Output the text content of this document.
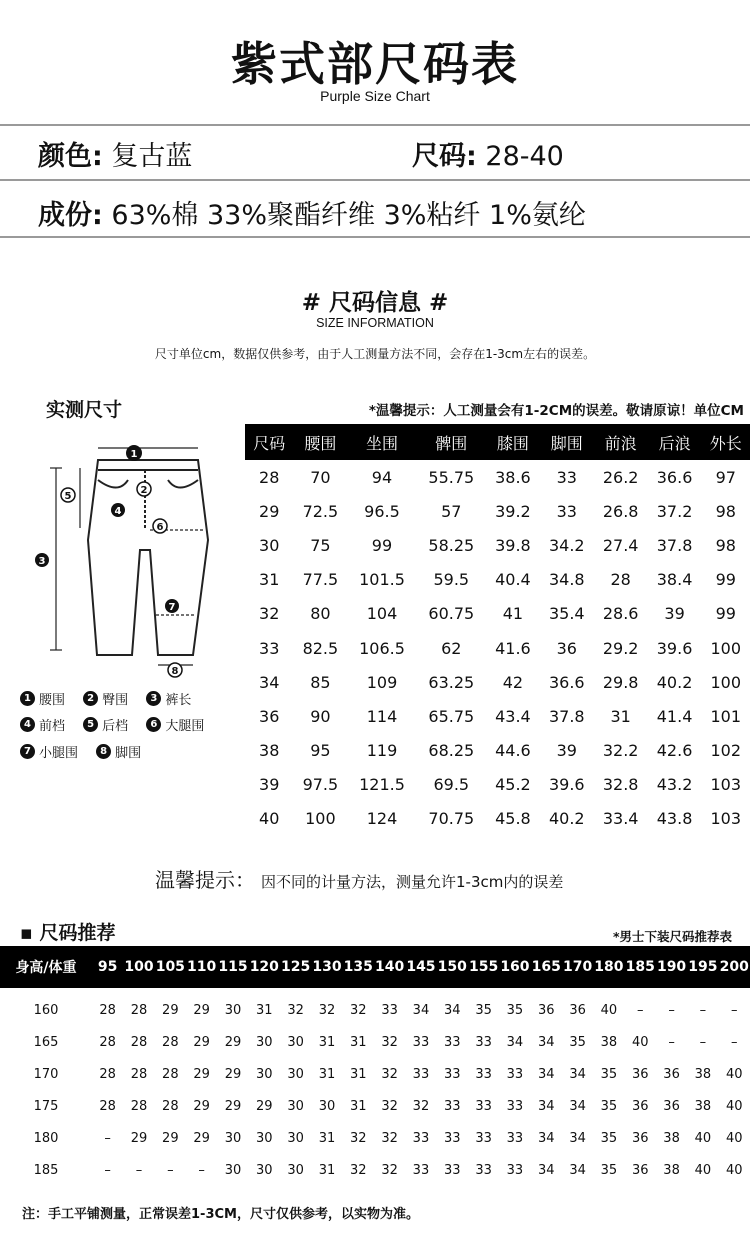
紫式部尺码表
Purple Size Chart
颜色: 复古蓝	尺码: 28-40
成份: 63%棉 33%聚酯纤维 3%粘纤 1%氨纶
# 尺码信息 #
SIZE INFORMATION
尺寸单位cm，数据仅供参考，由于人工测量方法不同，会存在1-3cm左右的误差。
实测尺寸	*温馨提示：人工测量会有1-2CM的误差。敬请原谅！单位CM
1
2
3
4
5
6
7
8
1 腰围 2 臀围 3 裤长
4 前档 5 后档 6 大腿围
7 小腿围 8 脚围
尺码	腰围	坐围	髀围	膝围	脚围	前浪	后浪	外长
28	70	94	55.75	38.6	33	26.2	36.6	97
29	72.5	96.5	57	39.2	33	26.8	37.2	98
30	75	99	58.25	39.8	34.2	27.4	37.8	98
31	77.5	101.5	59.5	40.4	34.8	28	38.4	99
32	80	104	60.75	41	35.4	28.6	39	99
33	82.5	106.5	62	41.6	36	29.2	39.6	100
34	85	109	63.25	42	36.6	29.8	40.2	100
36	90	114	65.75	43.4	37.8	31	41.4	101
38	95	119	68.25	44.6	39	32.2	42.6	102
39	97.5	121.5	69.5	45.2	39.6	32.8	43.2	103
40	100	124	70.75	45.8	40.2	33.4	43.8	103
温馨提示： 因不同的计量方法，测量允许1-3cm内的误差
▪ 尺码推荐	*男士下装尺码推荐表
身高/体重	95	100	105	110	115	120	125	130	135	140	145	150	155	160	165	170	180	185	190	195	200

160	28	28	29	29	30	31	32	32	32	33	34	34	35	35	36	36	40	–	–	–	–
165	28	28	28	29	29	30	30	31	31	32	33	33	33	34	34	35	38	40	–	–	–
170	28	28	28	29	29	30	30	31	31	32	33	33	33	33	34	34	35	36	36	38	40
175	28	28	28	29	29	29	30	30	31	32	32	33	33	33	34	34	35	36	36	38	40
180	–	29	29	29	30	30	30	31	32	32	33	33	33	33	34	34	35	36	38	40	40
185	–	–	–	–	30	30	30	31	32	32	33	33	33	33	34	34	35	36	38	40	40
注：手工平铺测量，正常误差1-3CM，尺寸仅供参考，以实物为准。
